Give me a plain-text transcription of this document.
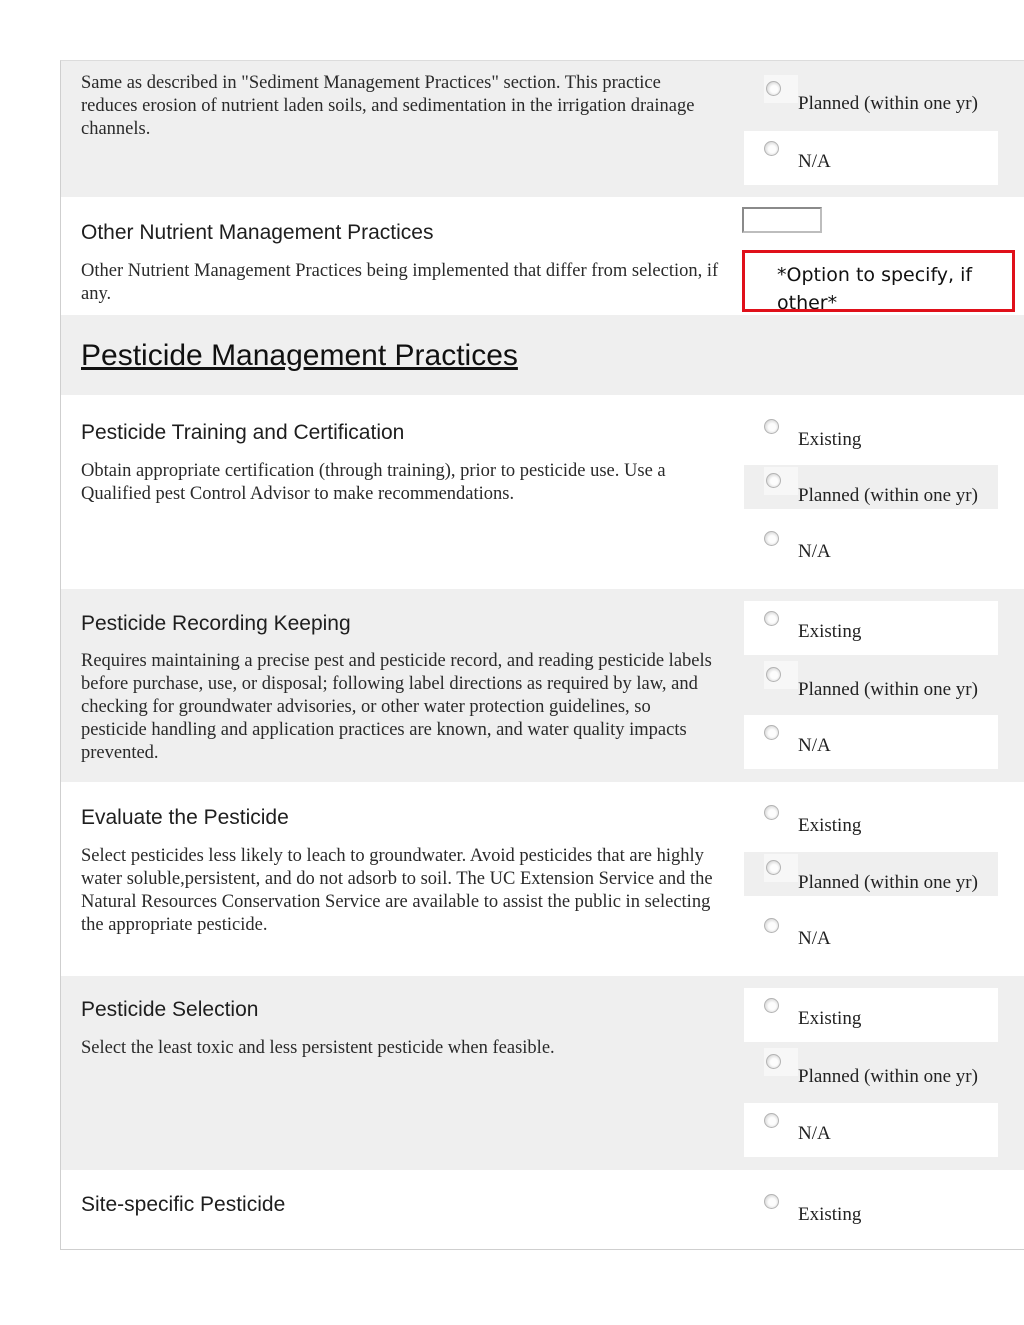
Same as described in "Sediment Management Practices" section. This practice reduces erosion of nutrient laden soils, and sedimentation in the irrigation drainage channels.
Planned (within one yr)
N/A
Other Nutrient Management Practices
Other Nutrient Management Practices being implemented that differ from selection, if any.
*Option to specify, if other*
Pesticide Management Practices
Pesticide Training and Certification
Obtain appropriate certification (through training), prior to pesticide use. Use a Qualified pest Control Advisor to make recommendations.
Existing
Planned (within one yr)
N/A
Pesticide Recording Keeping
Requires maintaining a precise pest and pesticide record, and reading pesticide labels before purchase, use, or disposal; following label directions as required by law, and checking for groundwater advisories, or other water protection guidelines, so pesticide handling and application practices are known, and water quality impacts prevented.
Existing
Planned (within one yr)
N/A
Evaluate the Pesticide
Select pesticides less likely to leach to groundwater. Avoid pesticides that are highly water soluble,persistent, and do not adsorb to soil. The UC Extension Service and the Natural Resources Conservation Service are available to assist the public in selecting the appropriate pesticide.
Existing
Planned (within one yr)
N/A
Pesticide Selection
Select the least toxic and less persistent pesticide when feasible.
Existing
Planned (within one yr)
N/A
Site-specific Pesticide	Existing
